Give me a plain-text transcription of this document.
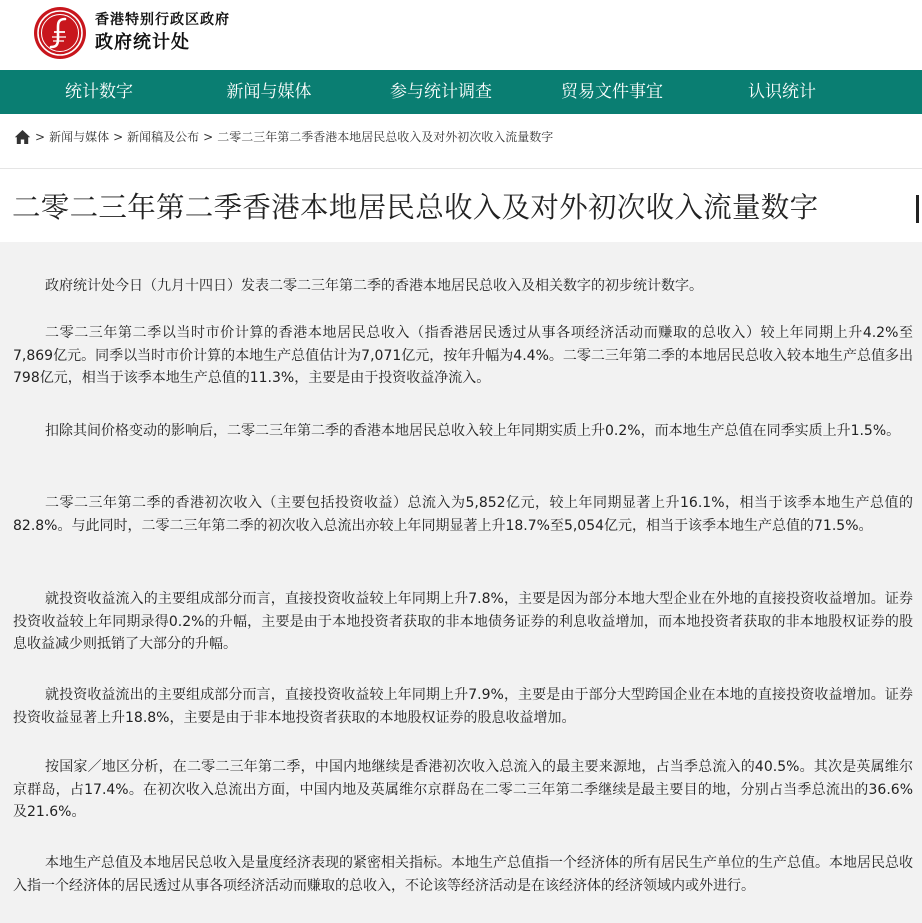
香港特别行政区政府
政府统计处
统计数字	新闻与媒体	参与统计调查	贸易文件事宜	认识统计
> 新闻与媒体 > 新闻稿及公布 > 二零二三年第二季香港本地居民总收入及对外初次收入流量数字
二零二三年第二季香港本地居民总收入及对外初次收入流量数字

政府统计处今日（九月十四日）发表二零二三年第二季的香港本地居民总收入及相关数字的初步统计数字。

二零二三年第二季以当时市价计算的香港本地居民总收入（指香港居民透过从事各项经济活动而赚取的总收入）较上年同期上升4.2%至7,869亿元。同季以当时市价计算的本地生产总值估计为7,071亿元，按年升幅为4.4%。二零二三年第二季的本地居民总收入较本地生产总值多出798亿元，相当于该季本地生产总值的11.3%，主要是由于投资收益净流入。

扣除其间价格变动的影响后，二零二三年第二季的香港本地居民总收入较上年同期实质上升0.2%，而本地生产总值在同季实质上升1.5%。

二零二三年第二季的香港初次收入（主要包括投资收益）总流入为5,852亿元，较上年同期显著上升16.1%，相当于该季本地生产总值的82.8%。与此同时，二零二三年第二季的初次收入总流出亦较上年同期显著上升18.7%至5,054亿元，相当于该季本地生产总值的71.5%。

就投资收益流入的主要组成部分而言，直接投资收益较上年同期上升7.8%，主要是因为部分本地大型企业在外地的直接投资收益增加。证券投资收益较上年同期录得0.2%的升幅，主要是由于本地投资者获取的非本地债务证券的利息收益增加，而本地投资者获取的非本地股权证券的股息收益减少则抵销了大部分的升幅。

就投资收益流出的主要组成部分而言，直接投资收益较上年同期上升7.9%，主要是由于部分大型跨国企业在本地的直接投资收益增加。证券投资收益显著上升18.8%，主要是由于非本地投资者获取的本地股权证券的股息收益增加。

按国家／地区分析，在二零二三年第二季，中国内地继续是香港初次收入总流入的最主要来源地，占当季总流入的40.5%。其次是英属维尔京群岛，占17.4%。在初次收入总流出方面，中国内地及英属维尔京群岛在二零二三年第二季继续是最主要目的地，分别占当季总流出的36.6%及21.6%。

本地生产总值及本地居民总收入是量度经济表现的紧密相关指标。本地生产总值指一个经济体的所有居民生产单位的生产总值。本地居民总收入指一个经济体的居民透过从事各项经济活动而赚取的总收入，不论该等经济活动是在该经济体的经济领域内或外进行。
